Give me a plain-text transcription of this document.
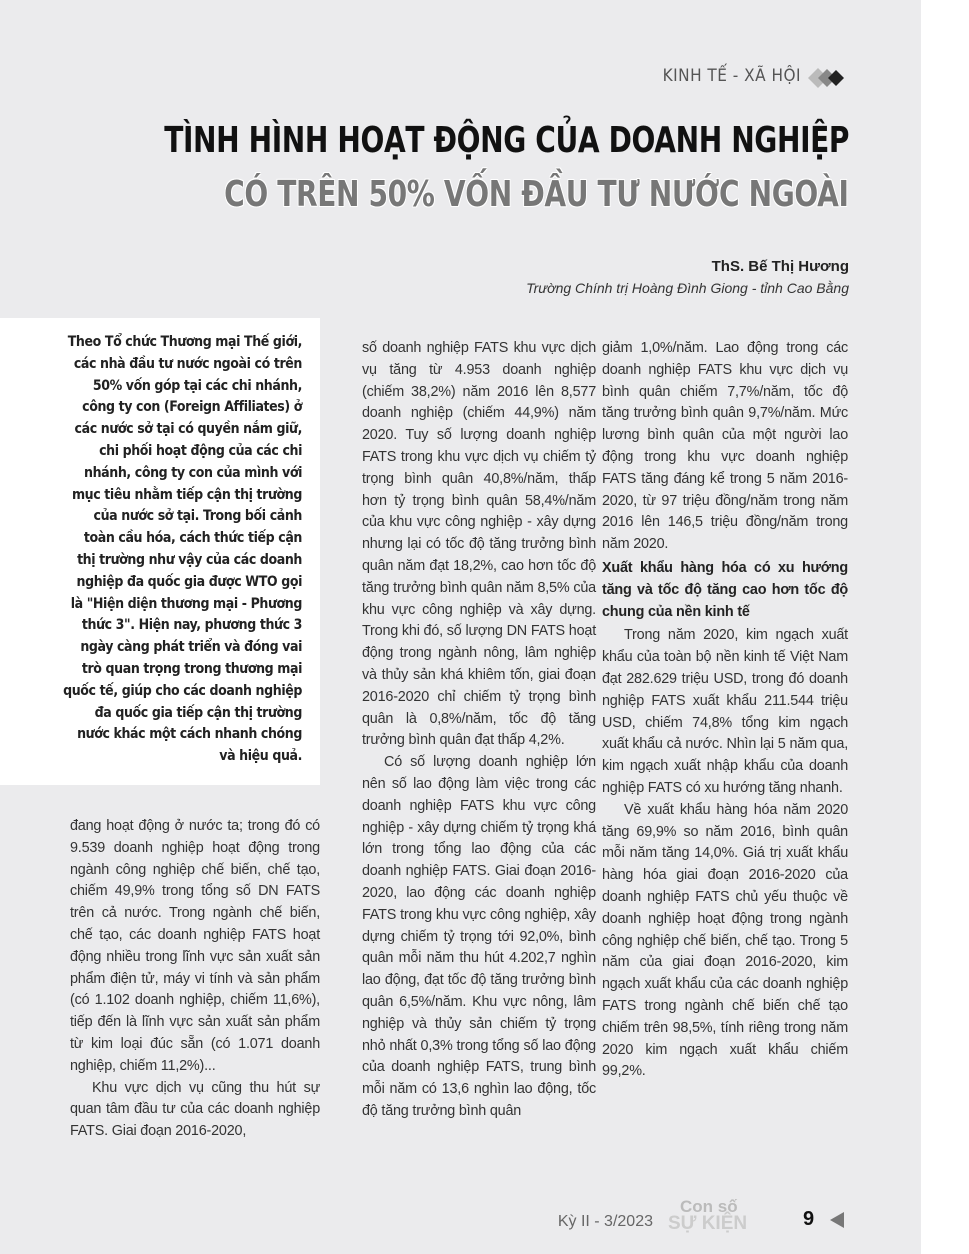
KINH TẾ - XÃ HỘI
TÌNH HÌNH HOẠT ĐỘNG CỦA DOANH NGHIỆP
CÓ TRÊN 50% VỐN ĐẦU TƯ NƯỚC NGOÀI
ThS. Bế Thị Hương
Trường Chính trị Hoàng Đình Giong - tỉnh Cao Bằng

Theo Tổ chức Thương mại Thế giới, các nhà đầu tư nước ngoài có trên 50% vốn góp tại các chi nhánh, công ty con (Foreign Affiliates) ở các nước sở tại có quyền nắm giữ, chi phối hoạt động của các chi nhánh, công ty con của mình với mục tiêu nhằm tiếp cận thị trường của nước sở tại. Trong bối cảnh toàn cầu hóa, cách thức tiếp cận thị trường như vậy của các doanh nghiệp đa quốc gia được WTO gọi là "Hiện diện thương mại - Phương thức 3". Hiện nay, phương thức 3 ngày càng phát triển và đóng vai trò quan trọng trong thương mại quốc tế, giúp cho các doanh nghiệp đa quốc gia tiếp cận thị trường nước khác một cách nhanh chóng và hiệu quả.

đang hoạt động ở nước ta; trong đó có 9.539 doanh nghiệp hoạt động trong ngành công nghiệp chế biến, chế tạo, chiếm 49,9% trong tổng số DN FATS trên cả nước. Trong ngành chế biến, chế tạo, các doanh nghiệp FATS hoạt động nhiều trong lĩnh vực sản xuất sản phẩm điện tử, máy vi tính và sản phẩm (có 1.102 doanh nghiệp, chiếm 11,6%), tiếp đến là lĩnh vực sản xuất sản phẩm từ kim loại đúc sẵn (có 1.071 doanh nghiệp, chiếm 11,2%)...

Khu vực dịch vụ cũng thu hút sự quan tâm đầu tư của các doanh nghiệp FATS. Giai đoạn 2016-2020,

số doanh nghiệp FATS khu vực dịch vụ tăng từ 4.953 doanh nghiệp (chiếm 38,2%) năm 2016 lên 8,577 doanh nghiệp (chiếm 44,9%) năm 2020. Tuy số lượng doanh nghiệp FATS trong khu vực dịch vụ chiếm tỷ trọng bình quân 40,8%/năm, thấp hơn tỷ trọng bình quân 58,4%/năm của khu vực công nghiệp - xây dựng nhưng lại có tốc độ tăng trưởng bình quân năm đạt 18,2%, cao hơn tốc độ tăng trưởng bình quân năm 8,5% của khu vực công nghiệp và xây dựng. Trong khi đó, số lượng DN FATS hoạt động trong ngành nông, lâm nghiệp và thủy sản khá khiêm tốn, giai đoạn 2016-2020 chỉ chiếm tỷ trọng bình quân là 0,8%/năm, tốc độ tăng trưởng bình quân đạt thấp 4,2%.

Có số lượng doanh nghiệp lớn nên số lao động làm việc trong các doanh nghiệp FATS khu vực công nghiệp - xây dựng chiếm tỷ trọng khá lớn trong tổng lao động của các doanh nghiệp FATS. Giai đoạn 2016-2020, lao động các doanh nghiệp FATS trong khu vực công nghiệp, xây dựng chiếm tỷ trọng tới 92,0%, bình quân mỗi năm thu hút 4.202,7 nghìn lao động, đạt tốc độ tăng trưởng bình quân 6,5%/năm. Khu vực nông, lâm nghiệp và thủy sản chiếm tỷ trọng nhỏ nhất 0,3% trong tổng số lao động của doanh nghiệp FATS, trung bình mỗi năm có 13,6 nghìn lao động, tốc độ tăng trưởng bình quân

giảm 1,0%/năm. Lao động trong các doanh nghiệp FATS khu vực dịch vụ bình quân chiếm 7,7%/năm, tốc độ tăng trưởng bình quân 9,7%/năm. Mức lương bình quân của một người lao động trong khu vực doanh nghiệp FATS tăng đáng kể trong 5 năm 2016-2020, từ 97 triệu đồng/năm trong năm 2016 lên 146,5 triệu đồng/năm trong năm 2020.

Xuất khẩu hàng hóa có xu hướng tăng và tốc độ tăng cao hơn tốc độ chung của nền kinh tế

Trong năm 2020, kim ngạch xuất khẩu của toàn bộ nền kinh tế Việt Nam đạt 282.629 triệu USD, trong đó doanh nghiệp FATS xuất khẩu 211.544 triệu USD, chiếm 74,8% tổng kim ngạch xuất khẩu cả nước. Nhìn lại 5 năm qua, kim ngạch xuất nhập khẩu của doanh nghiệp FATS có xu hướng tăng nhanh.

Về xuất khẩu hàng hóa năm 2020 tăng 69,9% so năm 2016, bình quân mỗi năm tăng 14,0%. Giá trị xuất khẩu hàng hóa giai đoạn 2016-2020 của doanh nghiệp FATS chủ yếu thuộc về doanh nghiệp hoạt động trong ngành công nghiệp chế biến, chế tạo. Trong 5 năm của giai đoạn 2016-2020, kim ngạch xuất khẩu của các doanh nghiệp FATS trong ngành chế biến chế tạo chiếm trên 98,5%, tính riêng trong năm 2020 kim ngạch xuất khẩu chiếm 99,2%.

Kỳ II - 3/2023
Con số
SỰ KIỆN	9
